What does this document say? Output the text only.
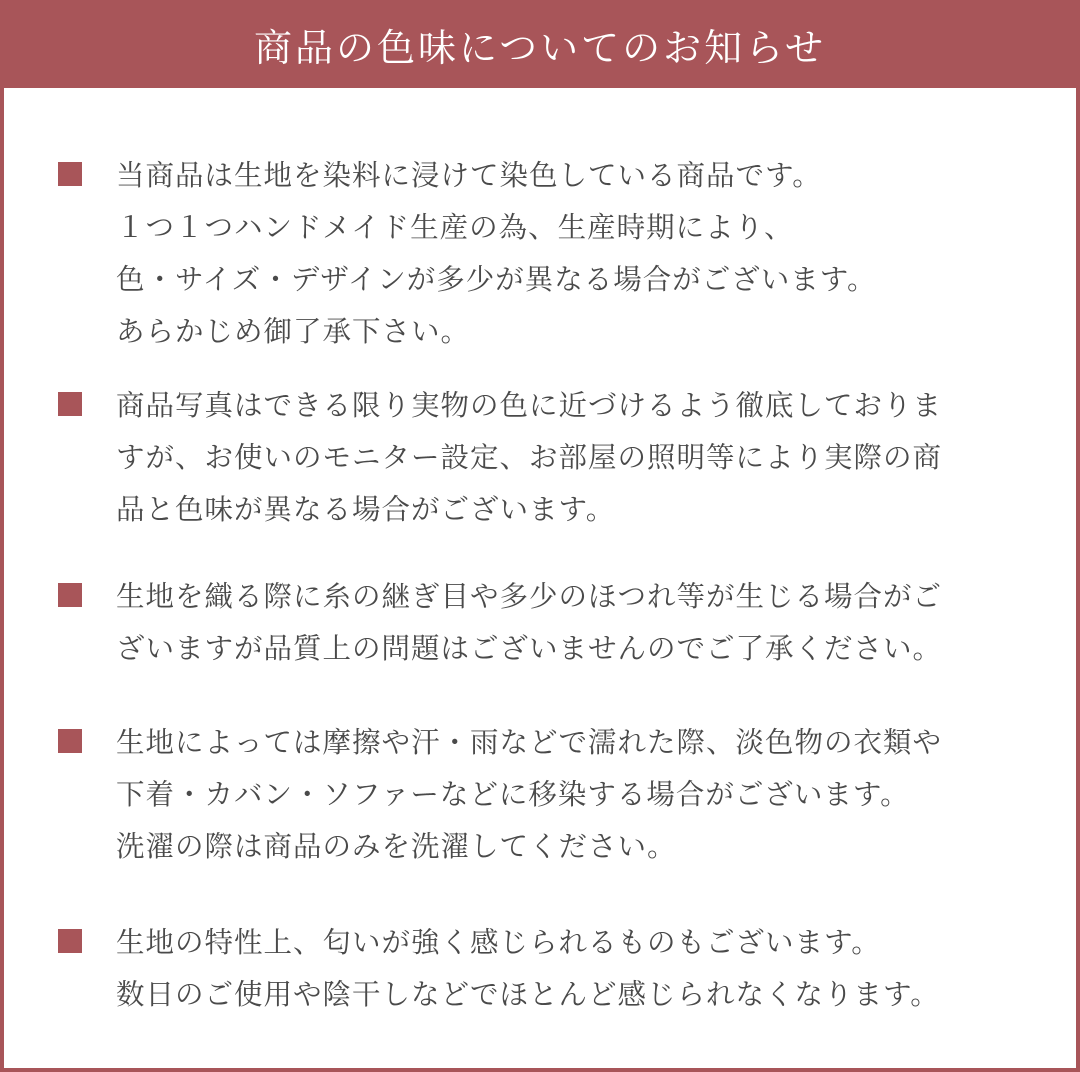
商品の色味についてのお知らせ
当商品は生地を染料に浸けて染色している商品です。
１つ１つハンドメイド生産の為、生産時期により、
色・サイズ・デザインが多少が異なる場合がございます。
あらかじめ御了承下さい。
商品写真はできる限り実物の色に近づけるよう徹底しておりま
すが、お使いのモニター設定、お部屋の照明等により実際の商
品と色味が異なる場合がございます。
生地を織る際に糸の継ぎ目や多少のほつれ等が生じる場合がご
ざいますが品質上の問題はございませんのでご了承ください。
生地によっては摩擦や汗・雨などで濡れた際、淡色物の衣類や
下着・カバン・ソファーなどに移染する場合がございます。
洗濯の際は商品のみを洗濯してください。
生地の特性上、匂いが強く感じられるものもございます。
数日のご使用や陰干しなどでほとんど感じられなくなります。
